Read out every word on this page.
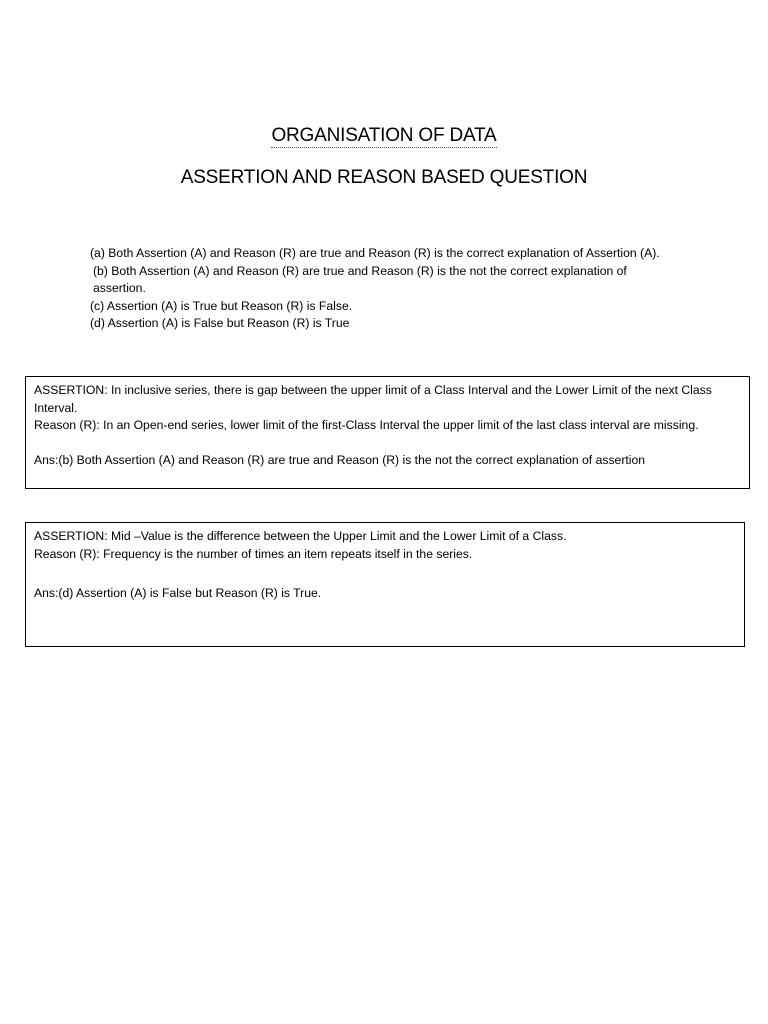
ORGANISATION OF DATA
ASSERTION AND REASON BASED QUESTION
(a) Both Assertion (A) and Reason (R) are true and Reason (R) is the correct explanation of Assertion (A).
(b) Both Assertion (A) and Reason (R) are true and Reason (R) is the not the correct explanation of assertion.
(c) Assertion (A) is True but Reason (R) is False.
(d) Assertion (A) is False but Reason (R) is True
ASSERTION: In inclusive series, there is gap between the upper limit of a Class Interval and the Lower Limit of the next Class Interval.
Reason (R): In an Open-end series, lower limit of the first-Class Interval the upper limit of the last class interval are missing.
Ans:(b) Both Assertion (A) and Reason (R) are true and Reason (R) is the not the correct explanation of assertion
ASSERTION: Mid –Value is the difference between the Upper Limit and the Lower Limit of a Class.
Reason (R): Frequency is the number of times an item repeats itself in the series.
Ans:(d) Assertion (A) is False but Reason (R) is True.
